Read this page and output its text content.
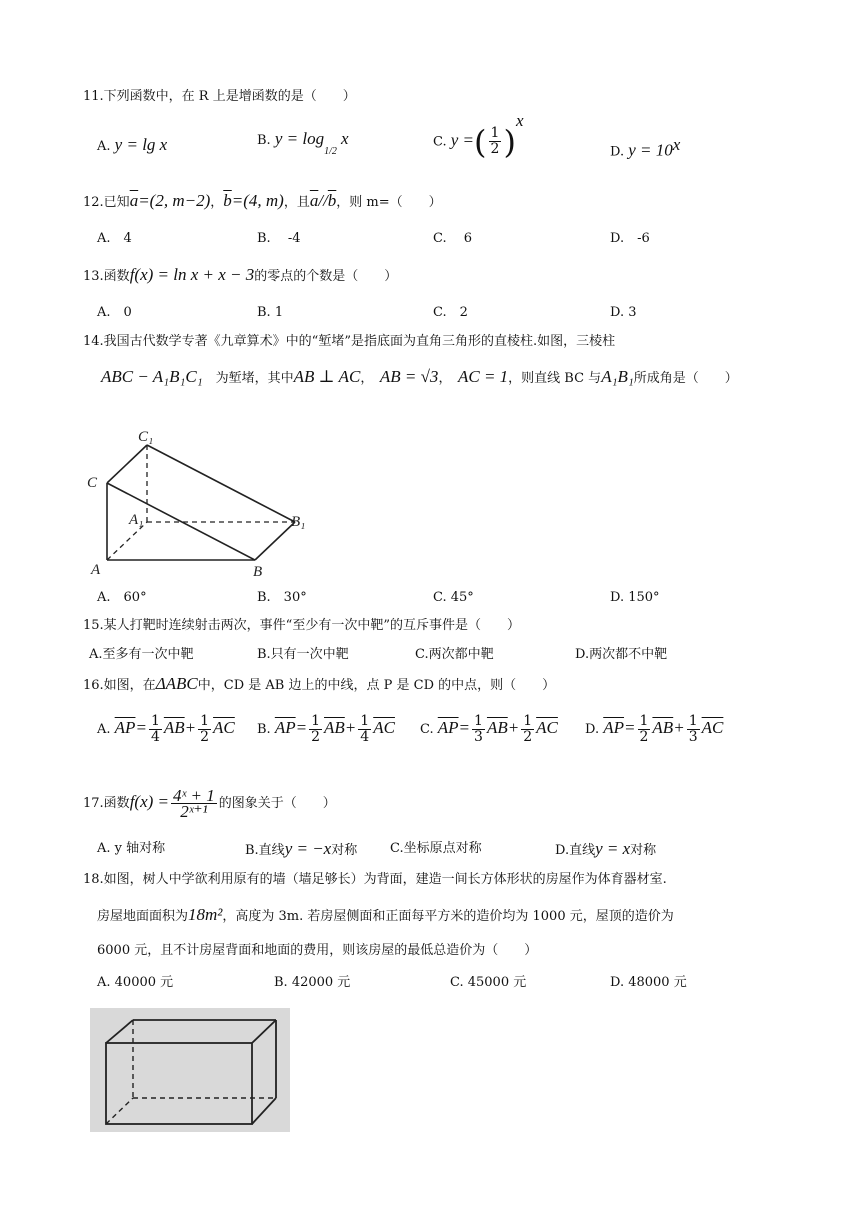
11.下列函数中，在 R 上是增函数的是（　　）
A. y = lg x	B. $y = \log_{1/2} x$	C. y =( $\frac{1}{2} )^x$
D. $y = 10^x$
12.已知$\overline{a}=(2$, m−2)，$\overline{b}=(4$, m)，且$\overline{a}//\overline{b}$，则 m=（　　）
A.　4	B.　 -4	C.　 6	D.　-6
13.函数f(x) = ln x + x − 3的零点的个数是（　　）
A.　0	B. 1	C.　2	D. 3
14.我国古代数学专著《九章算术》中的“堑堵”是指底面为直角三角形的直棱柱.如图，三棱柱
ABC − A₁B₁C₁　 为堑堵，其中AB ⊥ AC，　 AB = √3，　 AC = 1，则直线 BC 与A₁B₁所成角是（　　）
C₁
C
A₁	B₁
A	B
A.　60°	B.　30°	C. 45°	D. 150°
15.某人打靶时连续射击两次，事件“至少有一次中靶”的互斥事件是（　　）
A.至多有一次中靶	B.只有一次中靶	C.两次都中靶	D.两次都不中靶
16.如图，在ΔABC中，CD 是 AB 边上的中线，点 P 是 CD 的中点，则（　　）
A. $\overline{AP}= \frac{1}{4} \overline{AB}+ \frac{1}{2} \overline{AC}$ B. $\overline{AP}= \frac{1}{2} \overline{AB}+ \frac{1}{4} \overline{AC}$ C. $\overline{AP}= \frac{1}{3} \overline{AB}+ \frac{1}{2} \overline{AC}$ D. $\overline{AP}= \frac{1}{2} \overline{AB}+ \frac{1}{3} \overline{AC}$
17.函数$f(x) = \frac{\text{4ˣ + 1}}{\text{2ˣ⁺¹}}$ 的图象关于（　　）
A. y 轴对称	B.直线y = −x对称	C.坐标原点对称	D.直线y = x对称
18.如图，树人中学欲利用原有的墙（墙足够长）为背面，建造一间长方体形状的房屋作为体育器材室.
房屋地面面积为18m²，高度为 3m. 若房屋侧面和正面每平方米的造价均为 1000 元，屋顶的造价为
6000 元，且不计房屋背面和地面的费用，则该房屋的最低总造价为（　　）
A. 40000 元	B. 42000 元	C. 45000 元	D. 48000 元
